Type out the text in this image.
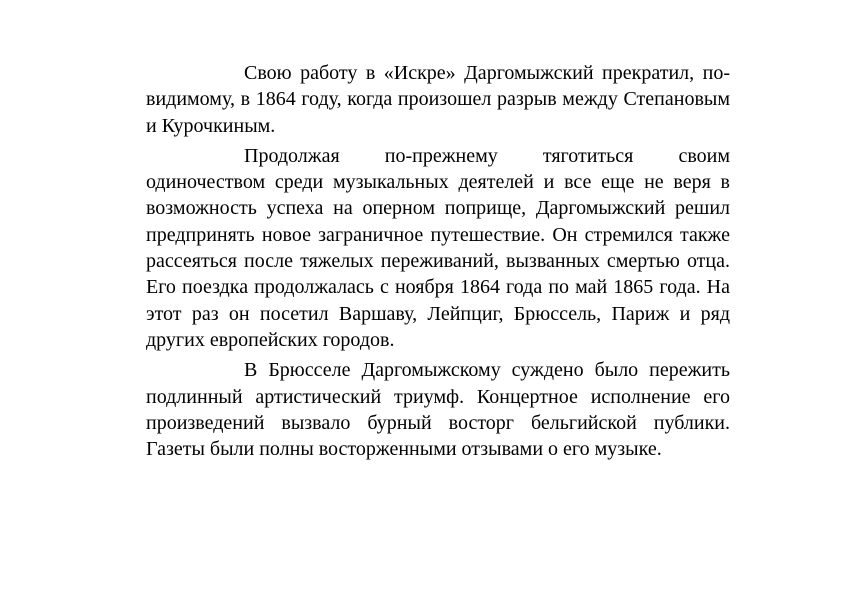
Свою работу в «Искре» Даргомыжский прекратил, по-видимому, в 1864 году, когда произошел разрыв между Степановым и Курочкиным.

Продолжая по-прежнему тяготиться своим одиночеством среди музыкальных деятелей и все еще не веря в возможность успеха на оперном поприще, Даргомыжский решил предпринять новое заграничное путешествие. Он стремился также рассеяться после тяжелых переживаний, вызванных смертью отца. Его поездка продолжалась с ноября 1864 года по май 1865 года. На этот раз он посетил Варшаву, Лейпциг, Брюссель, Париж и ряд других европейских городов.

В Брюсселе Даргомыжскому суждено было пережить подлинный артистический триумф. Концертное исполнение его произведений вызвало бурный восторг бельгийской публики. Газеты были полны восторженными отзывами о его музыке.
